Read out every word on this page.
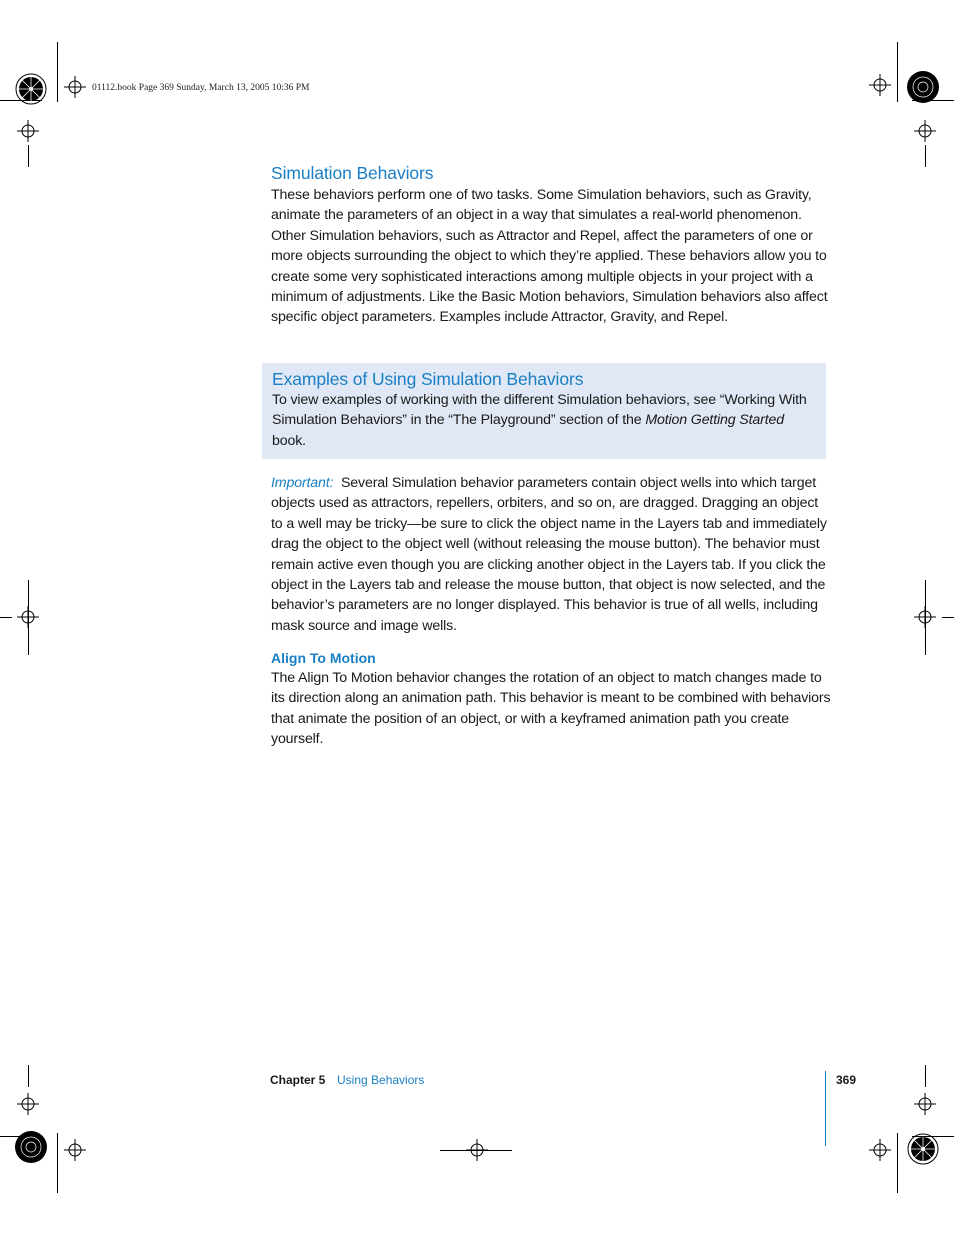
01112.book Page 369 Sunday, March 13, 2005 10:36 PM
Simulation Behaviors

These behaviors perform one of two tasks. Some Simulation behaviors, such as Gravity, animate the parameters of an object in a way that simulates a real-world phenomenon. Other Simulation behaviors, such as Attractor and Repel, affect the parameters of one or more objects surrounding the object to which they’re applied. These behaviors allow you to create some very sophisticated interactions among multiple objects in your project with a minimum of adjustments. Like the Basic Motion behaviors, Simulation behaviors also affect specific object parameters. Examples include Attractor, Gravity, and Repel.

Examples of Using Simulation Behaviors

To view examples of working with the different Simulation behaviors, see “Working With Simulation Behaviors” in the “The Playground” section of the Motion Getting Started book.

Important: Several Simulation behavior parameters contain object wells into which target objects used as attractors, repellers, orbiters, and so on, are dragged. Dragging an object to a well may be tricky—be sure to click the object name in the Layers tab and immediately drag the object to the object well (without releasing the mouse button). The behavior must remain active even though you are clicking another object in the Layers tab. If you click the object in the Layers tab and release the mouse button, that object is now selected, and the behavior’s parameters are no longer displayed. This behavior is true of all wells, including mask source and image wells.

Align To Motion

The Align To Motion behavior changes the rotation of an object to match changes made to its direction along an animation path. This behavior is meant to be combined with behaviors that animate the position of an object, or with a keyframed animation path you create yourself.

Chapter 5 Using Behaviors	369
